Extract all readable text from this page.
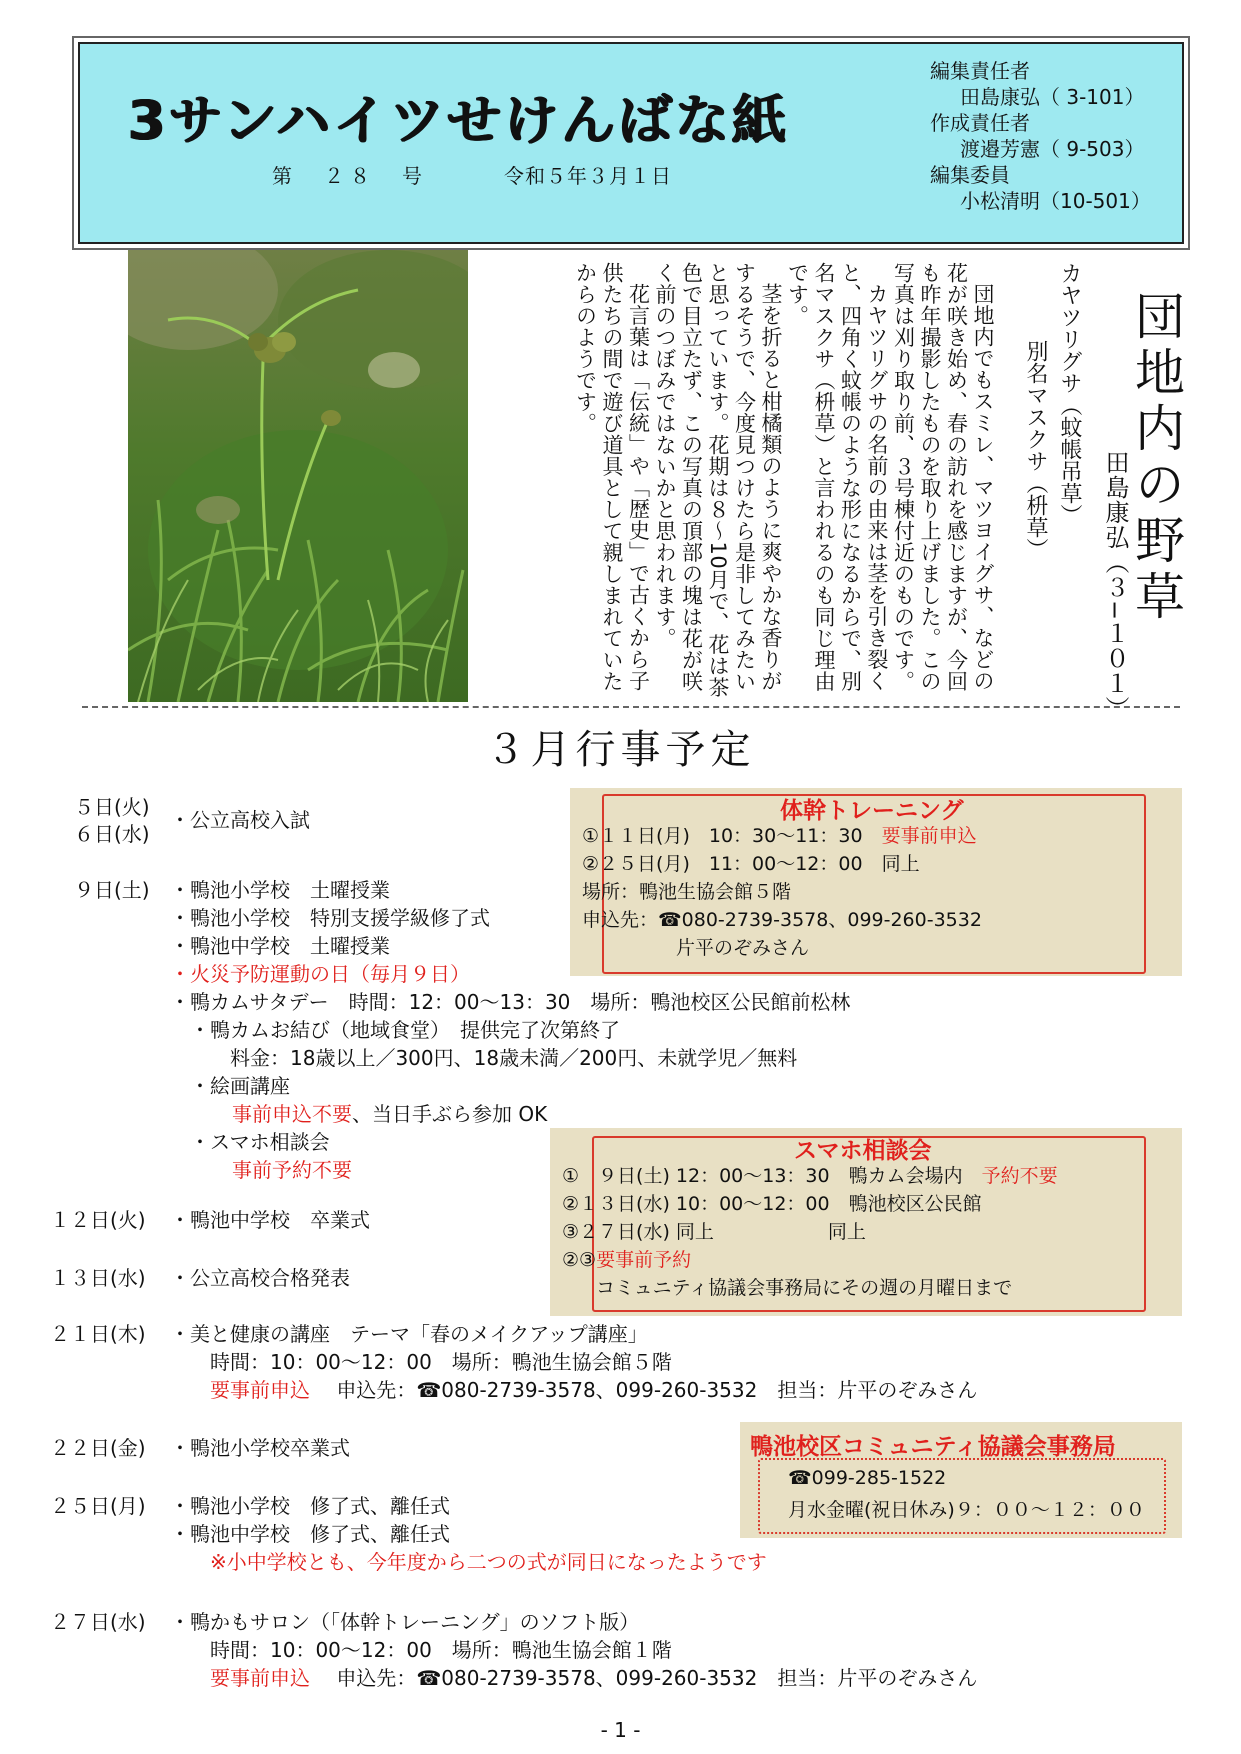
3サンハイツせけんばな紙
第　２８　号	令和５年３月１日
編集責任者
田島康弘（ 3-101）
作成責任者
渡邉芳憲（ 9-503）
編集委員
小松清明（10-501）
団地内の野草
田島康弘（３−１０１）
カヤツリグサ（蚊帳吊草）
別名マスクサ（枡草）

団地内でもスミレ、マツヨイグサ、などの花が咲き始め、春の訪れを感じますが、今回も昨年撮影したものを取り上げました。この写真は刈り取り前、３号棟付近のものです。

カヤツリグサの名前の由来は茎を引き裂くと、四角く蚊帳のような形になるからで、別名マスクサ（枡草）と言われるのも同じ理由です。

茎を折ると柑橘類のように爽やかな香りがするそうで、今度見つけたら是非してみたいと思っています。花期は８～10月で、花は茶色で目立たず、この写真の頂部の塊は花が咲く前のつぼみではないかと思われます。

花言葉は「伝統」や「歴史」で古くから子供たちの間で遊び道具として親しまれていたからのようです。

３月行事予定
５日(火)
６日(水)
・公立高校入試
９日(土) ・鴨池小学校　土曜授業
・鴨池小学校　特別支援学級修了式
・鴨池中学校　土曜授業
・火災予防運動の日（毎月９日）
・鴨カムサタデー　時間：12：00～13：30　場所：鴨池校区公民館前松林
・鴨カムお結び（地域食堂）　提供完了次第終了
料金：18歳以上／300円、18歳未満／200円、未就学児／無料
・絵画講座
事前申込不要、当日手ぶら参加 OK
・スマホ相談会
事前予約不要
１２日(火) ・鴨池中学校　卒業式
１３日(水) ・公立高校合格発表
２１日(木) ・美と健康の講座　テーマ「春のメイクアップ講座」
時間：10：00～12：00　場所：鴨池生協会館５階
要事前申込　 申込先：☎080-2739-3578、099-260-3532　担当：片平のぞみさん
２２日(金) ・鴨池小学校卒業式
２５日(月) ・鴨池小学校　修了式、離任式
・鴨池中学校　修了式、離任式
※小中学校とも、今年度から二つの式が同日になったようです
２７日(水) ・鴨かもサロン（「体幹トレーニング」のソフト版）
時間：10：00～12：00　場所：鴨池生協会館１階
要事前申込　 申込先：☎080-2739-3578、099-260-3532　担当：片平のぞみさん
体幹トレーニング
①１１日(月)　10：30～11：30　 要事前申込
②２５日(月)　11：00～12：00　同上
場所：鴨池生協会館５階
申込先：☎080-2739-3578、099-260-3532
片平のぞみさん
スマホ相談会
①　９日(土) 12：00～13：30　鴨カム会場内　 予約不要
②１３日(水) 10：00～12：00　鴨池校区公民館
③２７日(水) 同上　　　　　　同上
②③要事前予約
コミュニティ協議会事務局にその週の月曜日まで
鴨池校区コミュニティ協議会事務局
☎099-285-1522
月水金曜(祝日休み)９：００～１２：００
- 1 -
